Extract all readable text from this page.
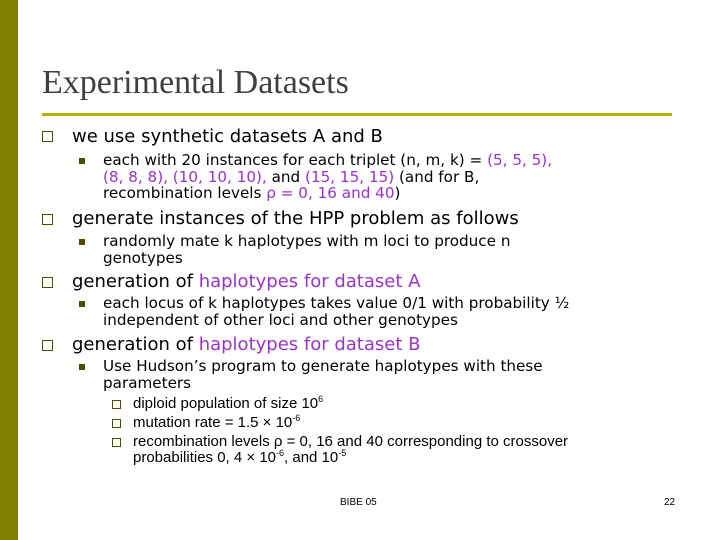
Experimental Datasets
we use synthetic datasets A and B
each with 20 instances for each triplet (n, m, k) = (5, 5, 5),
(8, 8, 8), (10, 10, 10), and (15, 15, 15) (and for B,
recombination levels ρ = 0, 16 and 40)
generate instances of the HPP problem as follows
randomly mate k haplotypes with m loci to produce n
genotypes
generation of haplotypes for dataset A
each locus of k haplotypes takes value 0/1 with probability ½
independent of other loci and other genotypes
generation of haplotypes for dataset B
Use Hudson’s program to generate haplotypes with these
parameters
diploid population of size $10^6$
mutation rate = $1.5 \times 10^{-6}$
recombination levels ρ = 0, 16 and 40 corresponding to crossover
probabilities 0, $4 \times 10^{-6}$, and $10^{-5}$
BIBE 05	22
